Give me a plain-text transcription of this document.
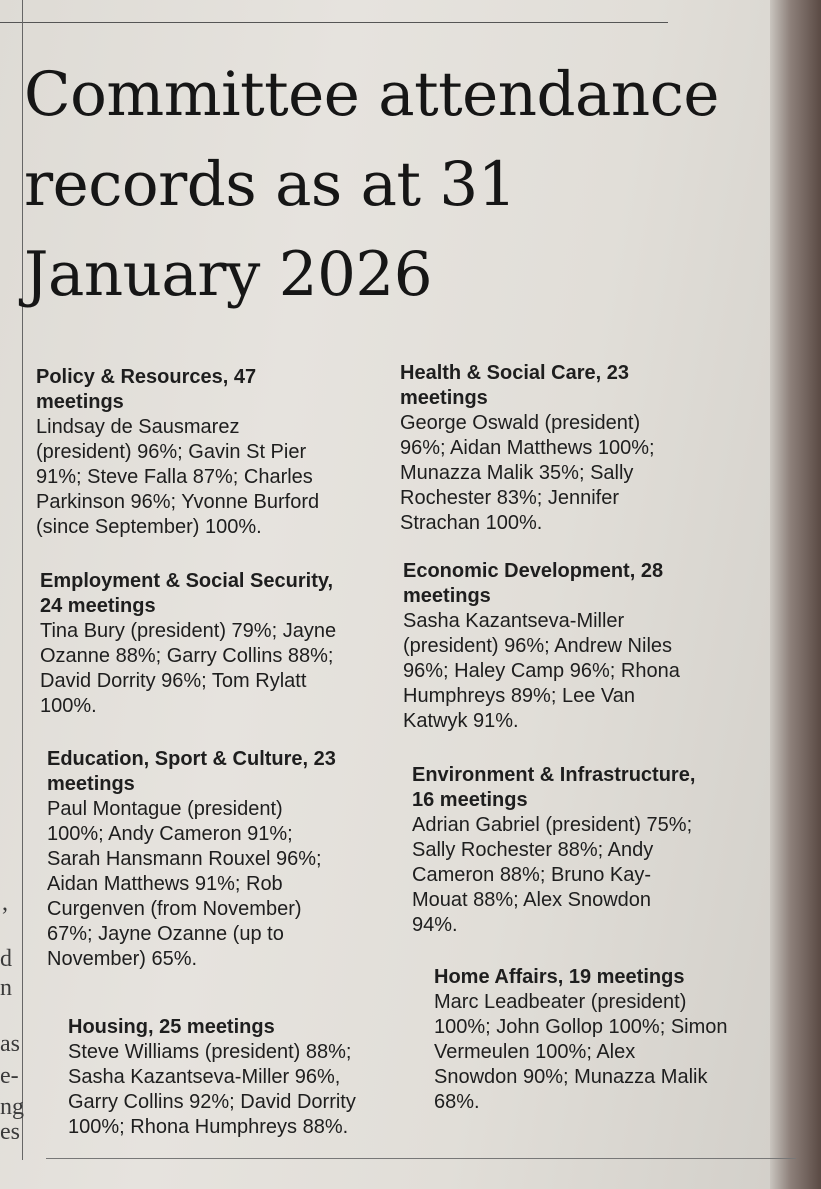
,
d
n
as
e-
ng
es
Committee attendance records as at 31 January 2026
Policy & Resources, 47
meetings
Lindsay de Sausmarez
(president) 96%; Gavin St Pier
91%; Steve Falla 87%; Charles
Parkinson 96%; Yvonne Burford
(since September) 100%.
Health & Social Care, 23
meetings
George Oswald (president)
96%; Aidan Matthews 100%;
Munazza Malik 35%; Sally
Rochester 83%; Jennifer
Strachan 100%.
Employment & Social Security,
24 meetings
Tina Bury (president) 79%; Jayne
Ozanne 88%; Garry Collins 88%;
David Dorrity 96%; Tom Rylatt
100%.
Economic Development, 28
meetings
Sasha Kazantseva-Miller
(president) 96%; Andrew Niles
96%; Haley Camp 96%; Rhona
Humphreys 89%; Lee Van
Katwyk 91%.
Education, Sport & Culture, 23
meetings
Paul Montague (president)
100%; Andy Cameron 91%;
Sarah Hansmann Rouxel 96%;
Aidan Matthews 91%; Rob
Curgenven (from November)
67%; Jayne Ozanne (up to
November) 65%.
Environment & Infrastructure,
16 meetings
Adrian Gabriel (president) 75%;
Sally Rochester 88%; Andy
Cameron 88%; Bruno Kay-
Mouat 88%; Alex Snowdon
94%.
Housing, 25 meetings
Steve Williams (president) 88%;
Sasha Kazantseva-Miller 96%,
Garry Collins 92%; David Dorrity
100%; Rhona Humphreys 88%.
Home Affairs, 19 meetings
Marc Leadbeater (president)
100%; John Gollop 100%; Simon
Vermeulen 100%; Alex
Snowdon 90%; Munazza Malik
68%.
